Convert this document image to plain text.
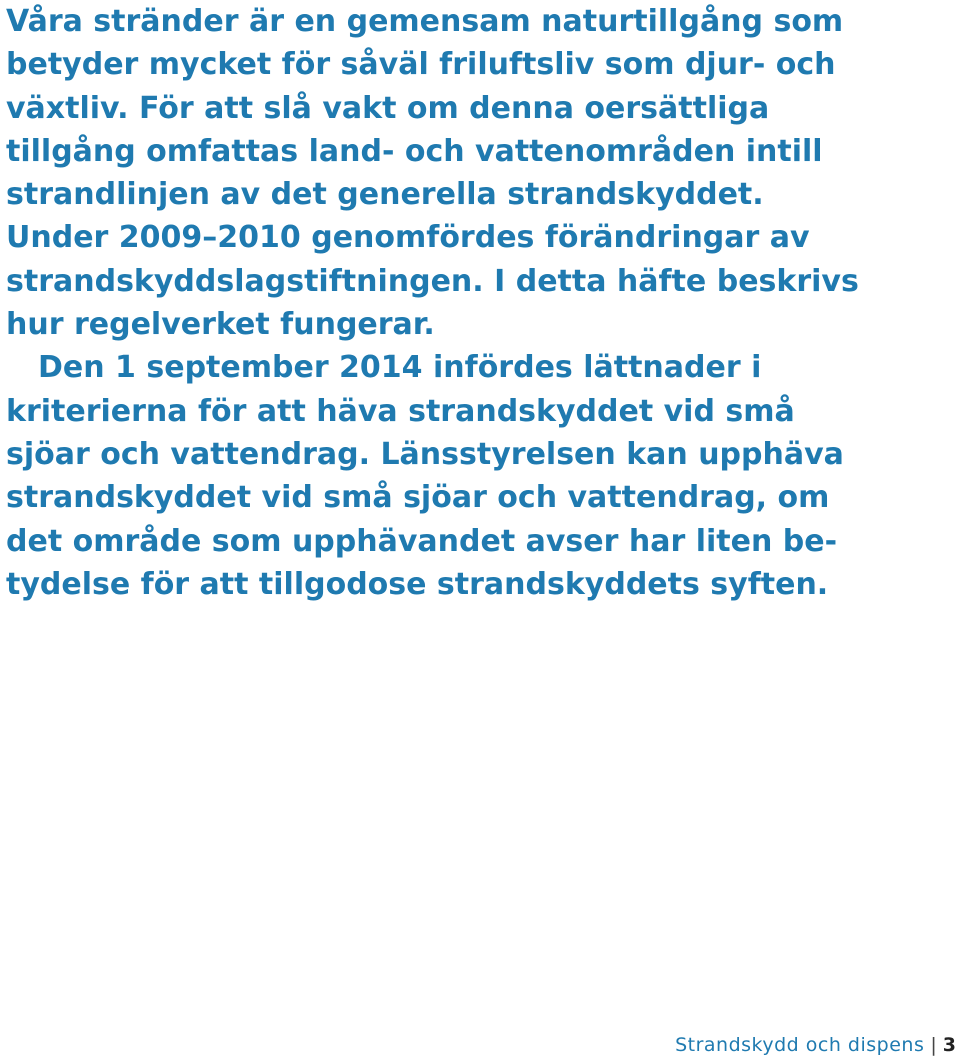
Våra stränder är en gemensam naturtillgång som
betyder mycket för såväl friluftsliv som djur- och
växtliv. För att slå vakt om denna oersättliga
tillgång omfattas land- och vattenområden intill
strandlinjen av det generella strandskyddet.
Under 2009–2010 genomfördes förändringar av
strandskyddslagstiftningen. I detta häfte beskrivs
hur regelverket fungerar.
Den 1 september 2014 infördes lättnader i
kriterierna för att häva strandskyddet vid små
sjöar och vattendrag. Länsstyrelsen kan upphäva
strandskyddet vid små sjöar och vattendrag, om
det område som upphävandet avser har liten be-
tydelse för att tillgodose strandskyddets syften.
Strandskydd och dispens | 3
